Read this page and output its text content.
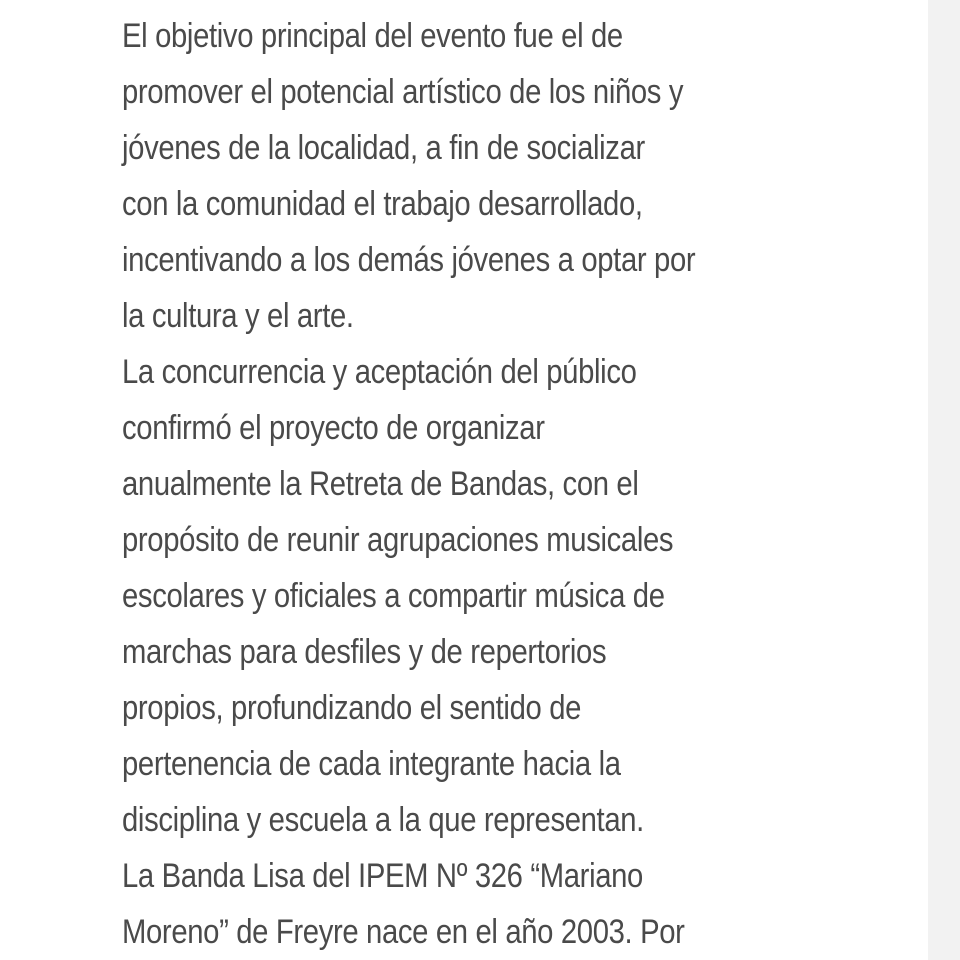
El objetivo principal del evento fue el de
promover el potencial artístico de los niños y
jóvenes de la localidad, a fin de socializar
con la comunidad el trabajo desarrollado,
incentivando a los demás jóvenes a optar por
la cultura y el arte.
La concurrencia y aceptación del público
confirmó el proyecto de organizar
anualmente la Retreta de Bandas, con el
propósito de reunir agrupaciones musicales
escolares y oficiales a compartir música de
marchas para desfiles y de repertorios
propios, profundizando el sentido de
pertenencia de cada integrante hacia la
disciplina y escuela a la que representan.
La Banda Lisa del IPEM Nº 326 “Mariano
Moreno” de Freyre nace en el año 2003. Por
